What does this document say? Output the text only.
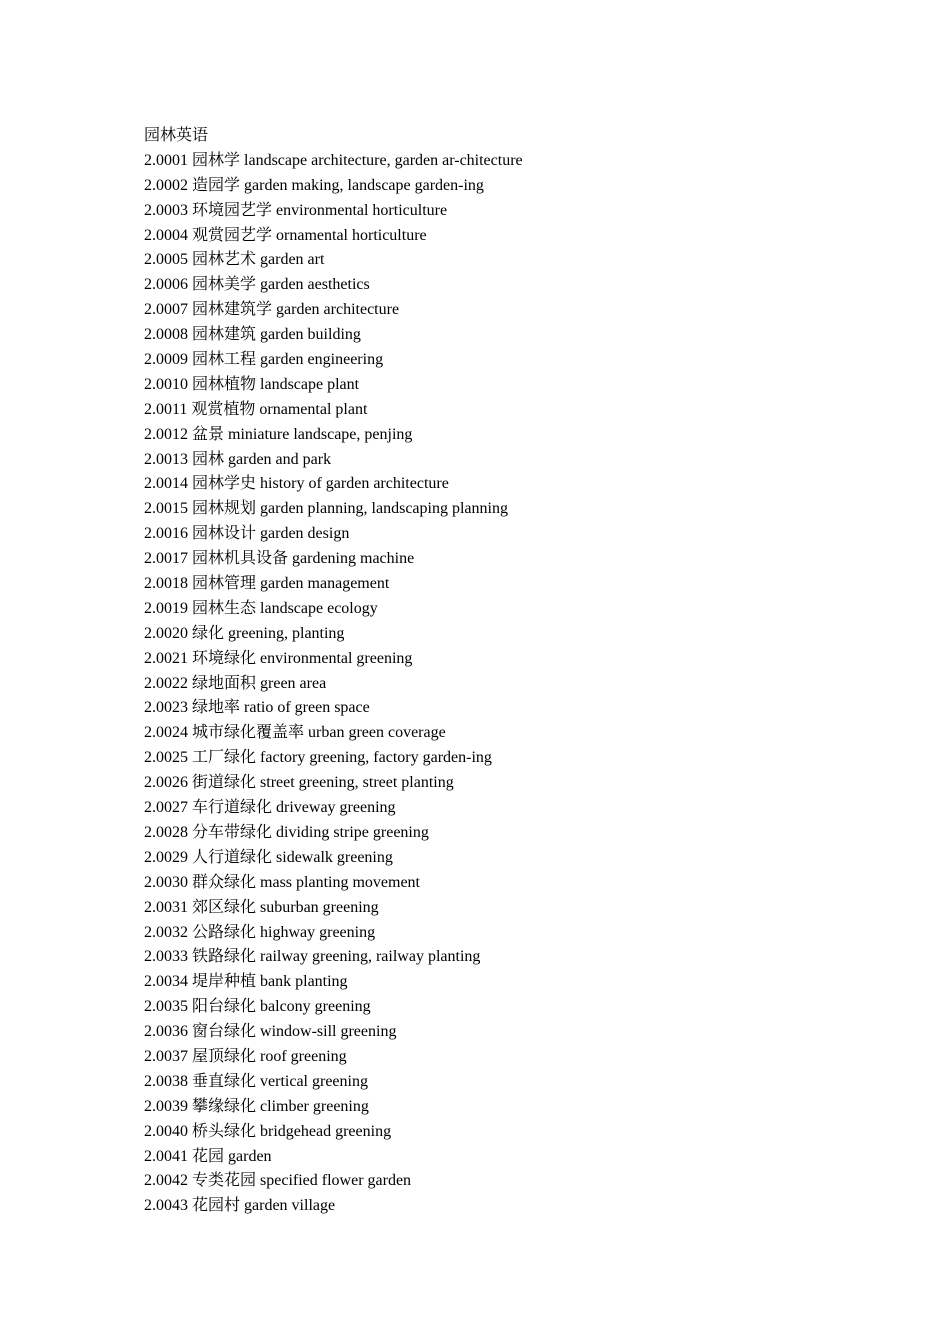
园林英语
2.0001 园林学 landscape architecture, garden ar-chitecture
2.0002 造园学 garden making, landscape garden-ing
2.0003 环境园艺学 environmental horticulture
2.0004 观赏园艺学 ornamental horticulture
2.0005 园林艺术 garden art
2.0006 园林美学 garden aesthetics
2.0007 园林建筑学 garden architecture
2.0008 园林建筑 garden building
2.0009 园林工程 garden engineering
2.0010 园林植物 landscape plant
2.0011 观赏植物 ornamental plant
2.0012 盆景 miniature landscape, penjing
2.0013 园林 garden and park
2.0014 园林学史 history of garden architecture
2.0015 园林规划 garden planning, landscaping planning
2.0016 园林设计 garden design
2.0017 园林机具设备 gardening machine
2.0018 园林管理 garden management
2.0019 园林生态 landscape ecology
2.0020 绿化 greening, planting
2.0021 环境绿化 environmental greening
2.0022 绿地面积 green area
2.0023 绿地率 ratio of green space
2.0024 城市绿化覆盖率 urban green coverage
2.0025 工厂绿化 factory greening, factory garden-ing
2.0026 街道绿化 street greening, street planting
2.0027 车行道绿化 driveway greening
2.0028 分车带绿化 dividing stripe greening
2.0029 人行道绿化 sidewalk greening
2.0030 群众绿化 mass planting movement
2.0031 郊区绿化 suburban greening
2.0032 公路绿化 highway greening
2.0033 铁路绿化 railway greening, railway planting
2.0034 堤岸种植 bank planting
2.0035 阳台绿化 balcony greening
2.0036 窗台绿化 window-sill greening
2.0037 屋顶绿化 roof greening
2.0038 垂直绿化 vertical greening
2.0039 攀缘绿化 climber greening
2.0040 桥头绿化 bridgehead greening
2.0041 花园 garden
2.0042 专类花园 specified flower garden
2.0043 花园村 garden village
